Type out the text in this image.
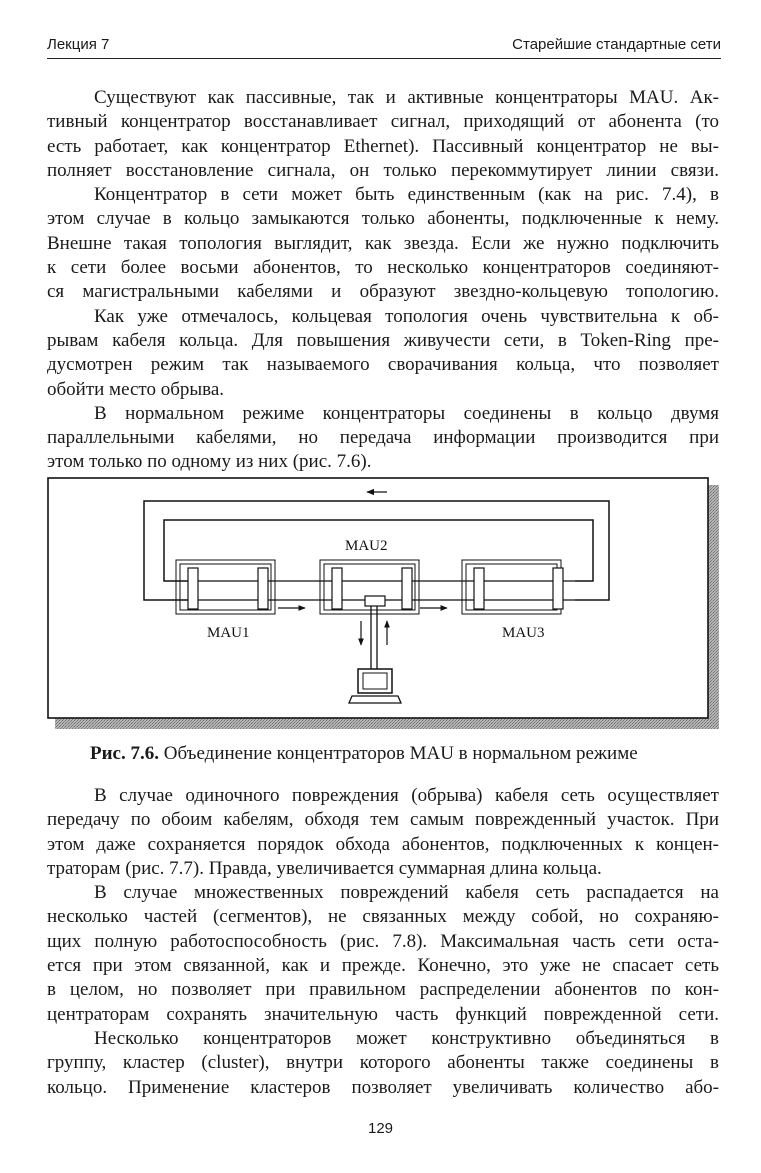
Лекция 7	Старейшие стандартные сети
Существуют как пассивные, так и активные концентраторы MAU. Ак-
тивный концентратор восстанавливает сигнал, приходящий от абонента (то
есть работает, как концентратор Ethernet). Пассивный концентратор не вы-
полняет восстановление сигнала, он только перекоммутирует линии связи.
Концентратор в сети может быть единственным (как на рис. 7.4), в
этом случае в кольцо замыкаются только абоненты, подключенные к нему.
Внешне такая топология выглядит, как звезда. Если же нужно подключить
к сети более восьми абонентов, то несколько концентраторов соединяют-
ся магистральными кабелями и образуют звездно-кольцевую топологию.
Как уже отмечалось, кольцевая топология очень чувствительна к об-
рывам кабеля кольца. Для повышения живучести сети, в Token-Ring пре-
дусмотрен режим так называемого сворачивания кольца, что позволяет
обойти место обрыва.
В нормальном режиме концентраторы соединены в кольцо двумя
параллельными кабелями, но передача информации производится при
этом только по одному из них (рис. 7.6).
MAU2
MAU1	MAU3
Рис. 7.6. Объединение концентраторов MAU в нормальном режиме
В случае одиночного повреждения (обрыва) кабеля сеть осуществляет
передачу по обоим кабелям, обходя тем самым поврежденный участок. При
этом даже сохраняется порядок обхода абонентов, подключенных к концен-
траторам (рис. 7.7). Правда, увеличивается суммарная длина кольца.
В случае множественных повреждений кабеля сеть распадается на
несколько частей (сегментов), не связанных между собой, но сохраняю-
щих полную работоспособность (рис. 7.8). Максимальная часть сети оста-
ется при этом связанной, как и прежде. Конечно, это уже не спасает сеть
в целом, но позволяет при правильном распределении абонентов по кон-
центраторам сохранять значительную часть функций поврежденной сети.
Несколько концентраторов может конструктивно объединяться в
группу, кластер (cluster), внутри которого абоненты также соединены в
кольцо. Применение кластеров позволяет увеличивать количество або-
129
